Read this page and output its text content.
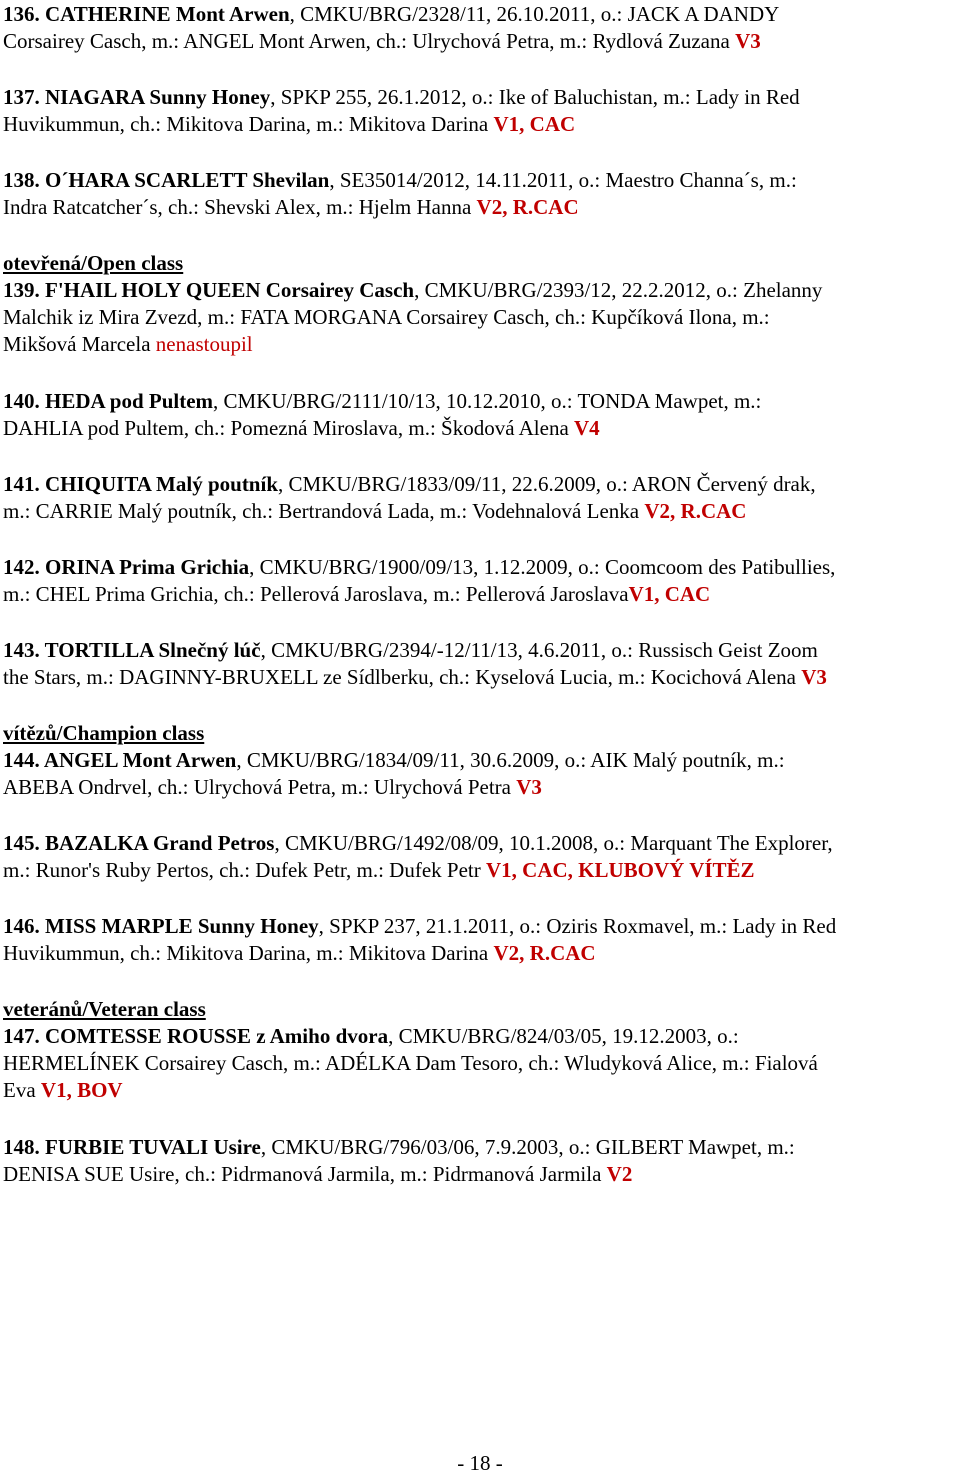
136. CATHERINE Mont Arwen, CMKU/BRG/2328/11, 26.10.2011, o.: JACK A DANDY

Corsairey Casch, m.: ANGEL Mont Arwen, ch.: Ulrychová Petra, m.: Rydlová Zuzana V3

137. NIAGARA Sunny Honey, SPKP 255, 26.1.2012, o.: Ike of Baluchistan, m.: Lady in Red

Huvikummun, ch.: Mikitova Darina, m.: Mikitova Darina V1, CAC

138. O´HARA SCARLETT Shevilan, SE35014/2012, 14.11.2011, o.: Maestro Channa´s, m.:

Indra Ratcatcher´s, ch.: Shevski Alex, m.: Hjelm Hanna V2, R.CAC

otevřená/Open class

139. F'HAIL HOLY QUEEN Corsairey Casch, CMKU/BRG/2393/12, 22.2.2012, o.: Zhelanny

Malchik iz Mira Zvezd, m.: FATA MORGANA Corsairey Casch, ch.: Kupčíková Ilona, m.:

Mikšová Marcela nenastoupil

140. HEDA pod Pultem, CMKU/BRG/2111/10/13, 10.12.2010, o.: TONDA Mawpet, m.:

DAHLIA pod Pultem, ch.: Pomezná Miroslava, m.: Škodová Alena V4

141. CHIQUITA Malý poutník, CMKU/BRG/1833/09/11, 22.6.2009, o.: ARON Červený drak,

m.: CARRIE Malý poutník, ch.: Bertrandová Lada, m.: Vodehnalová Lenka V2, R.CAC

142. ORINA Prima Grichia, CMKU/BRG/1900/09/13, 1.12.2009, o.: Coomcoom des Patibullies,

m.: CHEL Prima Grichia, ch.: Pellerová Jaroslava, m.: Pellerová JaroslavaV1, CAC

143. TORTILLA Slnečný lúč, CMKU/BRG/2394/-12/11/13, 4.6.2011, o.: Russisch Geist Zoom

the Stars, m.: DAGINNY-BRUXELL ze Sídlberku, ch.: Kyselová Lucia, m.: Kocichová Alena V3

vítězů/Champion class

144. ANGEL Mont Arwen, CMKU/BRG/1834/09/11, 30.6.2009, o.: AIK Malý poutník, m.:

ABEBA Ondrvel, ch.: Ulrychová Petra, m.: Ulrychová Petra V3

145. BAZALKA Grand Petros, CMKU/BRG/1492/08/09, 10.1.2008, o.: Marquant The Explorer,

m.: Runor's Ruby Pertos, ch.: Dufek Petr, m.: Dufek Petr V1, CAC, KLUBOVÝ VÍTĚZ

146. MISS MARPLE Sunny Honey, SPKP 237, 21.1.2011, o.: Oziris Roxmavel, m.: Lady in Red

Huvikummun, ch.: Mikitova Darina, m.: Mikitova Darina V2, R.CAC

veteránů/Veteran class

147. COMTESSE ROUSSE z Amiho dvora, CMKU/BRG/824/03/05, 19.12.2003, o.:

HERMELÍNEK Corsairey Casch, m.: ADÉLKA Dam Tesoro, ch.: Wludyková Alice, m.: Fialová

Eva V1, BOV

148. FURBIE TUVALI Usire, CMKU/BRG/796/03/06, 7.9.2003, o.: GILBERT Mawpet, m.:

DENISA SUE Usire, ch.: Pidrmanová Jarmila, m.: Pidrmanová Jarmila V2

- 18 -
